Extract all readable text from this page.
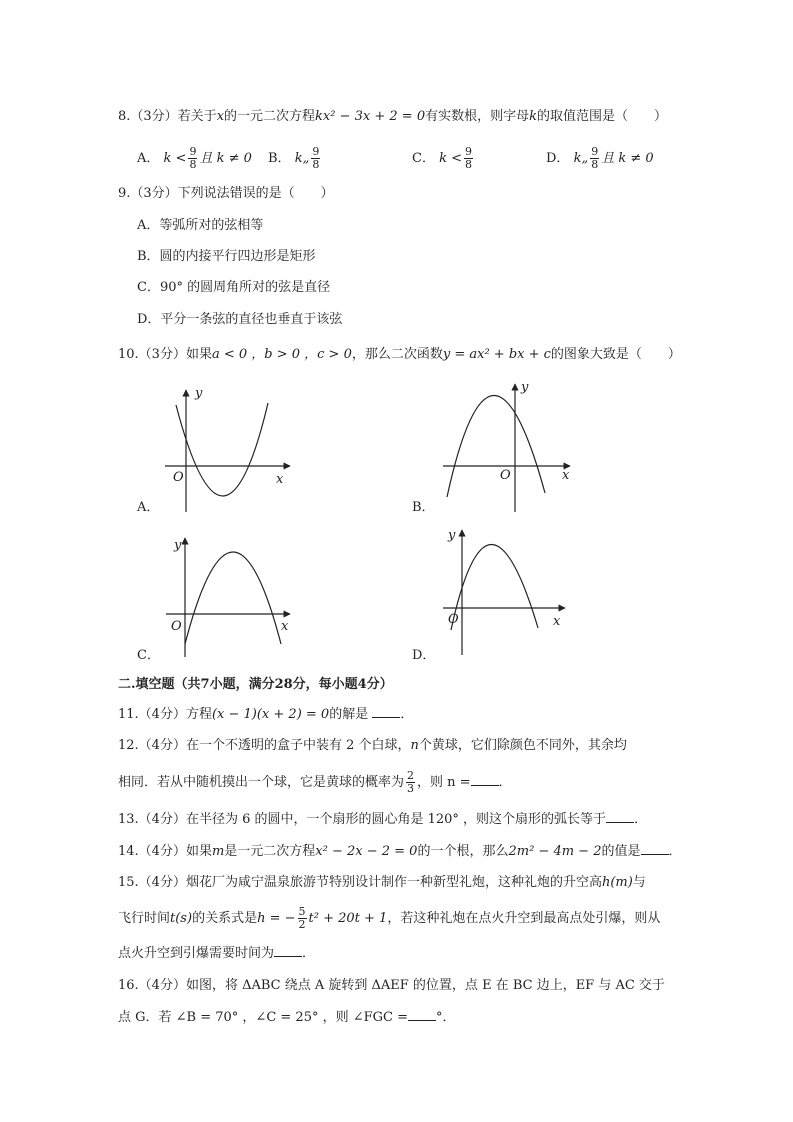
8.（3分）若关于x的一元二次方程kx² − 3x + 2 = 0有实数根，则字母k的取值范围是（　　）
A． $k < \frac{9}{8}$ 且 k ≠ 0 B． k„ $\frac{9}{8}$	C． $k < \frac{9}{8}$	D． k„ $\frac{9}{8}$ 且 k ≠ 0
9.（3分）下列说法错误的是（　　）
A．等弧所对的弦相等
B．圆的内接平行四边形是矩形
C．90° 的圆周角所对的弦是直径
D．平分一条弦的直径也垂直于该弦
10.（3分）如果a < 0 ，b > 0 ，c > 0，那么二次函数y = ax² + bx + c的图象大致是（　　）
y
x
O
y
x
O
y
x
O
y
x
O
A．	B．
C．	D．
二.填空题（共7小题，满分28分，每小题4分）
11.（4分）方程(x − 1)(x + 2) = 0的解是 ．
12.（4分）在一个不透明的盒子中装有 2 个白球，n个黄球，它们除颜色不同外，其余均
相同．若从中随机摸出一个球，它是黄球的概率为 $\frac{2}{3}$ ，则 n = ．
13.（4分）在半径为 6 的圆中，一个扇形的圆心角是 120° ，则这个扇形的弧长等于 ．
14.（4分）如果m是一元二次方程x² − 2x − 2 = 0的一个根，那么2m² − 4m − 2的值是 ．
15.（4分）烟花厂为咸宁温泉旅游节特别设计制作一种新型礼炮，这种礼炮的升空高h(m)与
飞行时间t(s)的关系式是h = − $\frac{5}{2} t^2 + 20t + 1$，若这种礼炮在点火升空到最高点处引爆，则从
点火升空到引爆需要时间为 ．
16.（4分）如图，将 ΔABC 绕点 A 旋转到 ΔAEF 的位置，点 E 在 BC 边上，EF 与 AC 交于
点 G．若 ∠B = 70° ，∠C = 25° ，则 ∠FGC = °．
